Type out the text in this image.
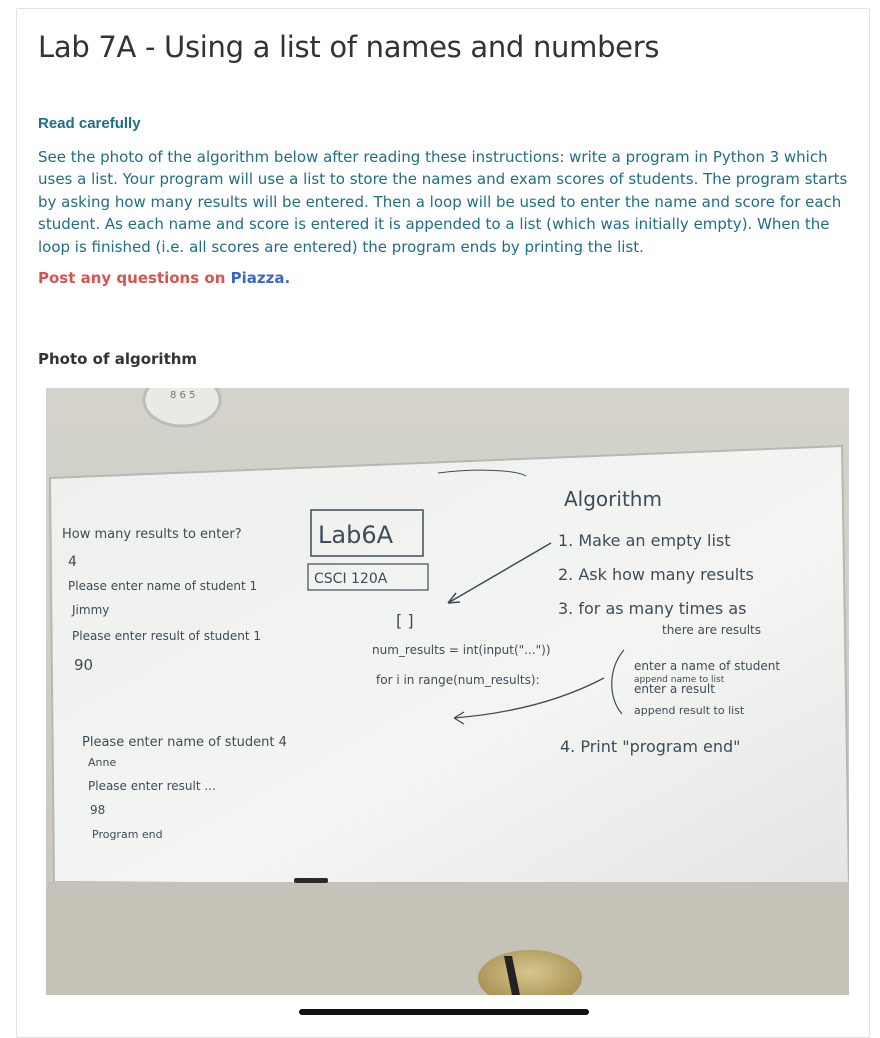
Lab 7A - Using a list of names and numbers

Read carefully

See the photo of the algorithm below after reading these instructions: write a program in Python 3 which uses a list. Your program will use a list to store the names and exam scores of students. The program starts by asking how many results will be entered. Then a loop will be used to enter the name and score for each student. As each name and score is entered it is appended to a list (which was initially empty). When the loop is finished (i.e. all scores are entered) the program ends by printing the list.

Post any questions on Piazza.

Photo of algorithm

8 6 5
How many results to enter?
4
Please enter name of student 1
Jimmy
Please enter result of student 1
90
Please enter name of student 4
Anne
Please enter result ...
98
Program end
Lab6A
CSCI 120A
[ ]
num_results = int(input("..."))
for i in range(num_results):
Algorithm
1. Make an empty list
2. Ask how many results
3. for as many times as
there are results
enter a name of student
append name to list
enter a result
append result to list
4. Print "program end"
